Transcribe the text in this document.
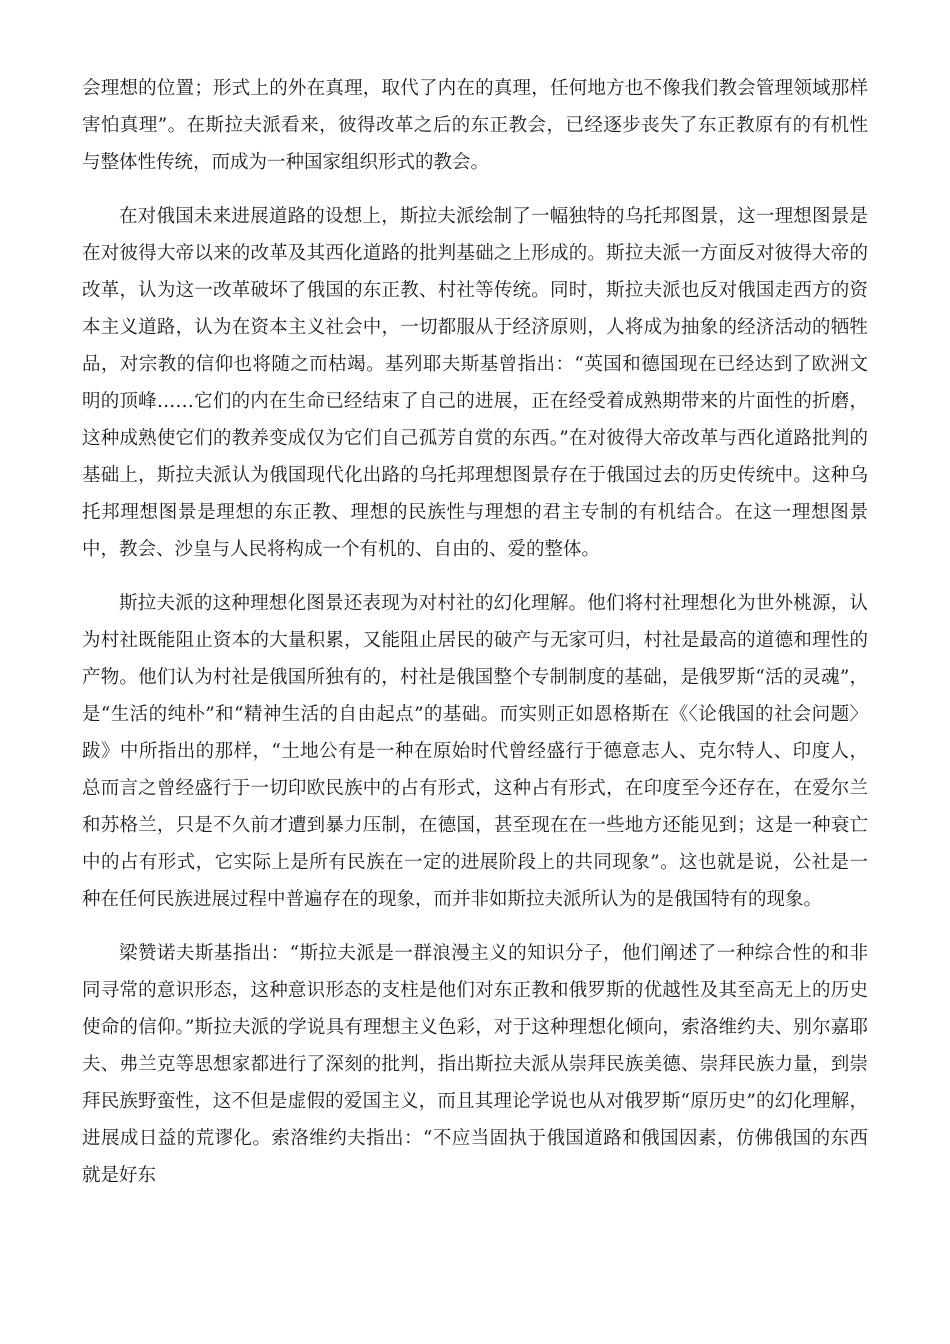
会理想的位置；形式上的外在真理，取代了内在的真理，任何地方也不像我们教会管理领域那样害怕真理”。在斯拉夫派看来，彼得改革之后的东正教会，已经逐步丧失了东正教原有的有机性与整体性传统，而成为一种国家组织形式的教会。

在对俄国未来进展道路的设想上，斯拉夫派绘制了一幅独特的乌托邦图景，这一理想图景是在对彼得大帝以来的改革及其西化道路的批判基础之上形成的。斯拉夫派一方面反对彼得大帝的改革，认为这一改革破坏了俄国的东正教、村社等传统。同时，斯拉夫派也反对俄国走西方的资本主义道路，认为在资本主义社会中，一切都服从于经济原则，人将成为抽象的经济活动的牺牲品，对宗教的信仰也将随之而枯竭。基列耶夫斯基曾指出：“英国和德国现在已经达到了欧洲文明的顶峰……它们的内在生命已经结束了自己的进展，正在经受着成熟期带来的片面性的折磨，这种成熟使它们的教养变成仅为它们自己孤芳自赏的东西。”在对彼得大帝改革与西化道路批判的基础上，斯拉夫派认为俄国现代化出路的乌托邦理想图景存在于俄国过去的历史传统中。这种乌托邦理想图景是理想的东正教、理想的民族性与理想的君主专制的有机结合。在这一理想图景中，教会、沙皇与人民将构成一个有机的、自由的、爱的整体。

斯拉夫派的这种理想化图景还表现为对村社的幻化理解。他们将村社理想化为世外桃源，认为村社既能阻止资本的大量积累，又能阻止居民的破产与无家可归，村社是最高的道德和理性的产物。他们认为村社是俄国所独有的，村社是俄国整个专制制度的基础，是俄罗斯“活的灵魂”，是“生活的纯朴”和“精神生活的自由起点”的基础。而实则正如恩格斯在《〈论俄国的社会问题〉跋》中所指出的那样，“土地公有是一种在原始时代曾经盛行于德意志人、克尔特人、印度人，总而言之曾经盛行于一切印欧民族中的占有形式，这种占有形式，在印度至今还存在，在爱尔兰和苏格兰，只是不久前才遭到暴力压制，在德国，甚至现在在一些地方还能见到；这是一种衰亡中的占有形式，它实际上是所有民族在一定的进展阶段上的共同现象”。这也就是说，公社是一种在任何民族进展过程中普遍存在的现象，而并非如斯拉夫派所认为的是俄国特有的现象。

梁赞诺夫斯基指出：“斯拉夫派是一群浪漫主义的知识分子，他们阐述了一种综合性的和非同寻常的意识形态，这种意识形态的支柱是他们对东正教和俄罗斯的优越性及其至高无上的历史使命的信仰。”斯拉夫派的学说具有理想主义色彩，对于这种理想化倾向，索洛维约夫、别尔嘉耶夫、弗兰克等思想家都进行了深刻的批判，指出斯拉夫派从崇拜民族美德、崇拜民族力量，到崇拜民族野蛮性，这不但是虚假的爱国主义，而且其理论学说也从对俄罗斯“原历史”的幻化理解，进展成日益的荒谬化。索洛维约夫指出：“不应当固执于俄国道路和俄国因素，仿佛俄国的东西就是好东
